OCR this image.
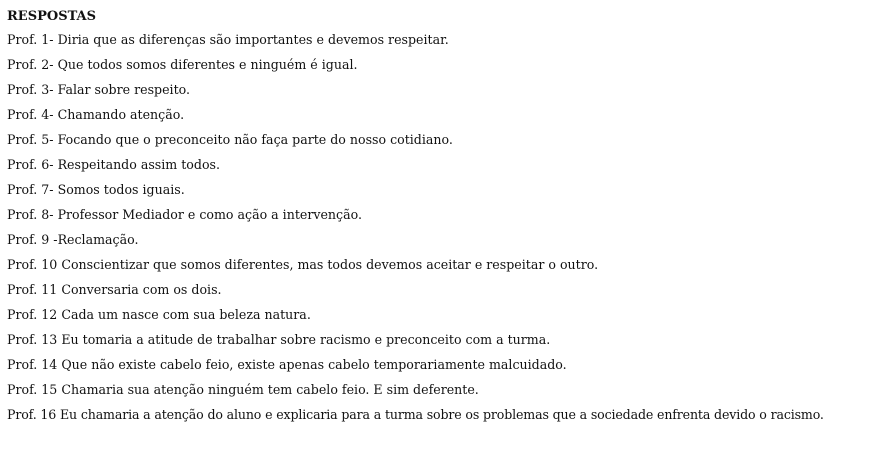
RESPOSTAS
Prof. 1- Diria que as diferenças são importantes e devemos respeitar.
Prof. 2- Que todos somos diferentes e ninguém é igual.
Prof. 3- Falar sobre respeito.
Prof. 4- Chamando atenção.
Prof. 5- Focando que o preconceito não faça parte do nosso cotidiano.
Prof. 6- Respeitando assim todos.
Prof. 7- Somos todos iguais.
Prof. 8- Professor Mediador e como ação a intervenção.
Prof. 9 -Reclamação.
Prof. 10 Conscientizar que somos diferentes, mas todos devemos aceitar e respeitar o outro.
Prof. 11 Conversaria com os dois.
Prof. 12 Cada um nasce com sua beleza natura.
Prof. 13 Eu tomaria a atitude de trabalhar sobre racismo e preconceito com a turma.
Prof. 14 Que não existe cabelo feio, existe apenas cabelo temporariamente malcuidado.
Prof. 15 Chamaria sua atenção ninguém tem cabelo feio. E sim deferente.
Prof. 16 Eu chamaria a atenção do aluno e explicaria para a turma sobre os problemas que a sociedade enfrenta devido o racismo.
